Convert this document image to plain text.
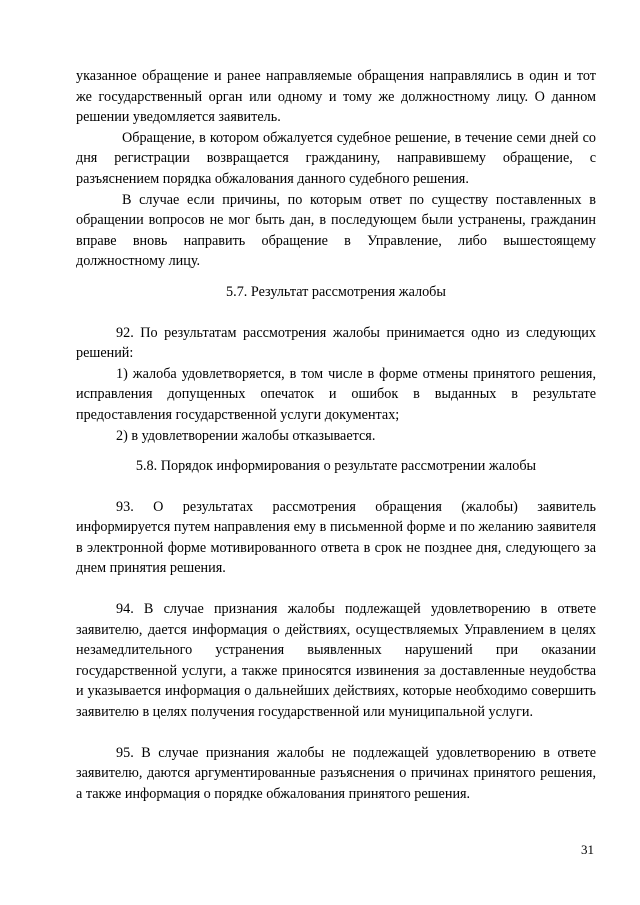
указанное обращение и ранее направляемые обращения направлялись в один и тот же государственный орган или одному и тому же должностному лицу. О данном решении уведомляется заявитель.

Обращение, в котором обжалуется судебное решение, в течение семи дней со дня регистрации возвращается гражданину, направившему обращение, с разъяснением порядка обжалования данного судебного решения.

В случае если причины, по которым ответ по существу поставленных в обращении вопросов не мог быть дан, в последующем были устранены, гражданин вправе вновь направить обращение в Управление, либо вышестоящему должностному лицу.

5.7. Результат рассмотрения жалобы

92. По результатам рассмотрения жалобы принимается одно из следующих решений:

1) жалоба удовлетворяется, в том числе в форме отмены принятого решения, исправления допущенных опечаток и ошибок в выданных в результате предоставления государственной услуги документах;

2) в удовлетворении жалобы отказывается.

5.8. Порядок информирования о результате рассмотрении жалобы

93. О результатах рассмотрения обращения (жалобы) заявитель информируется путем направления ему в письменной форме и по желанию заявителя в электронной форме мотивированного ответа в срок не позднее дня, следующего за днем принятия решения.

94. В случае признания жалобы подлежащей удовлетворению в ответе заявителю, дается информация о действиях, осуществляемых Управлением в целях незамедлительного устранения выявленных нарушений при оказании государственной услуги, а также приносятся извинения за доставленные неудобства и указывается информация о дальнейших действиях, которые необходимо совершить заявителю в целях получения государственной или муниципальной услуги.

95. В случае признания жалобы не подлежащей удовлетворению в ответе заявителю, даются аргументированные разъяснения о причинах принятого решения, а также информация о порядке обжалования принятого решения.

31
